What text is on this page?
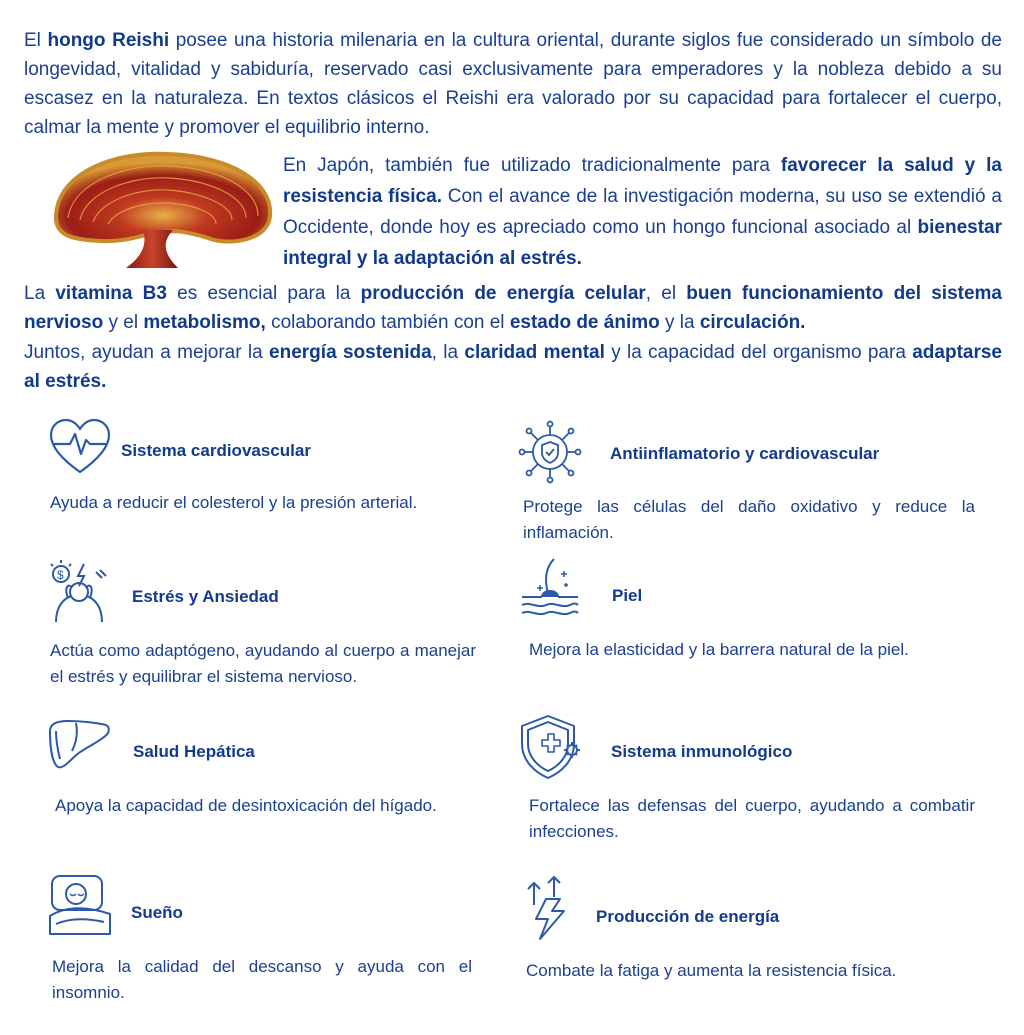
El hongo Reishi posee una historia milenaria en la cultura oriental, durante siglos fue considerado un símbolo de longevidad, vitalidad y sabiduría, reservado casi exclusivamente para emperadores y la nobleza debido a su escasez en la naturaleza. En textos clásicos el Reishi era valorado por su capacidad para fortalecer el cuerpo, calmar la mente y promover el equilibrio interno.

En Japón, también fue utilizado tradicionalmente para favorecer la salud y la resistencia física. Con el avance de la investigación moderna, su uso se extendió a Occidente, donde hoy es apreciado como un hongo funcional asociado al bienestar integral y la adaptación al estrés.

La vitamina B3 es esencial para la producción de energía celular, el buen funcionamiento del sistema nervioso y el metabolismo, colaborando también con el estado de ánimo y la circulación.

Juntos, ayudan a mejorar la energía sostenida, la claridad mental y la capacidad del organismo para adaptarse al estrés.

Sistema cardiovascular
Ayuda a reducir el colesterol y la presión arterial.
Antiinflamatorio y cardiovascular
Protege las células del daño oxidativo y reduce la inflamación.
$
Estrés y Ansiedad
Actúa como adaptógeno, ayudando al cuerpo a manejar el estrés y equilibrar el sistema nervioso.
Piel
Mejora la elasticidad y la barrera natural de la piel.
Salud Hepática
Apoya la capacidad de desintoxicación del hígado.
Sistema inmunológico
Fortalece las defensas del cuerpo, ayudando a combatir infecciones.
Sueño
Mejora la calidad del descanso y ayuda con el insomnio.
Producción de energía
Combate la fatiga y aumenta la resistencia física.
